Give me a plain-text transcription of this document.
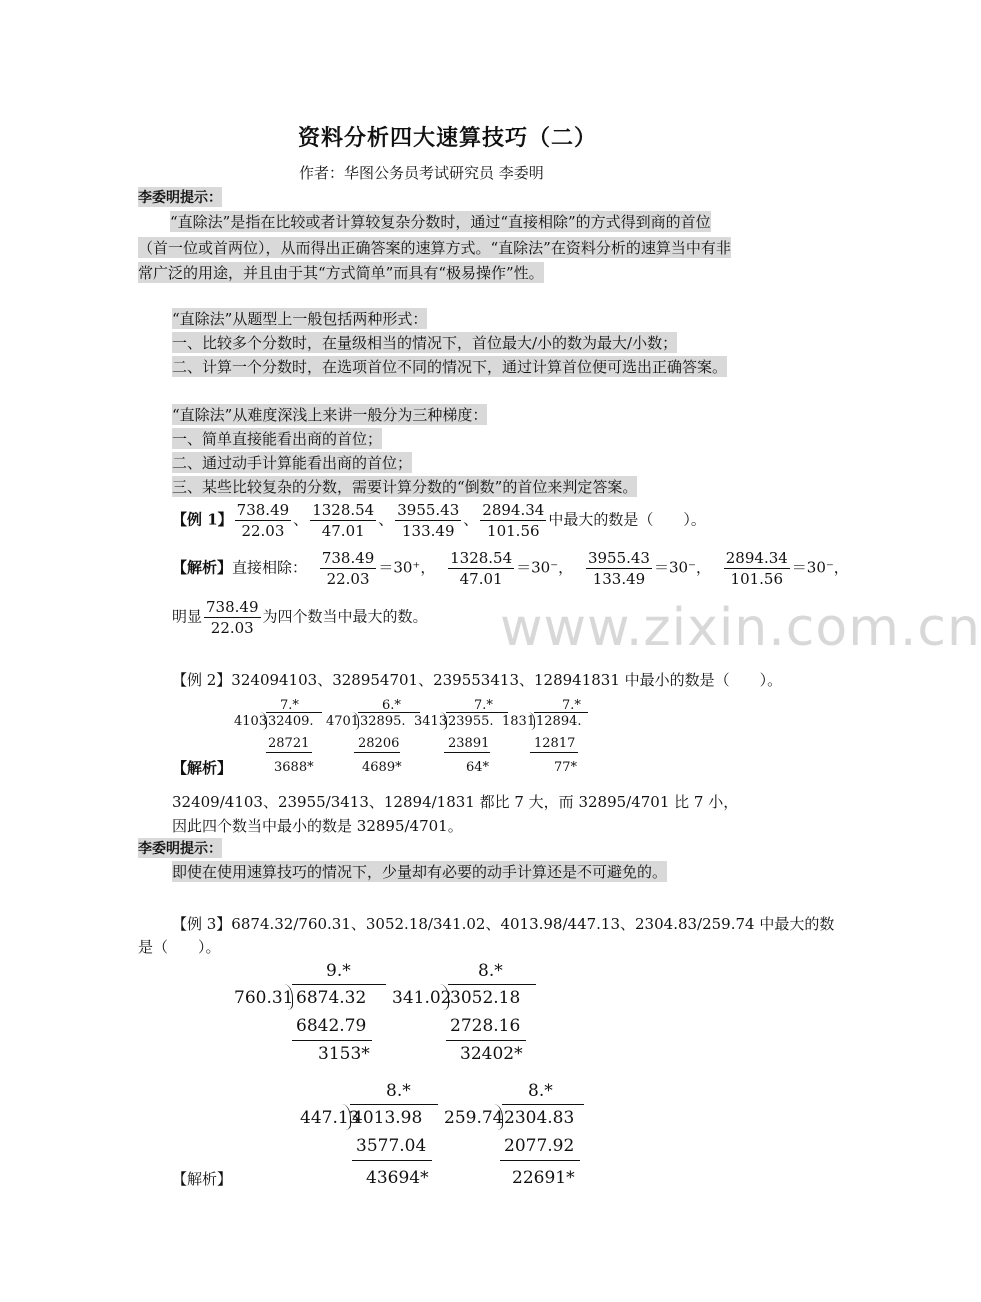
资料分析四大速算技巧（二）
作者：华图公务员考试研究员 李委明
李委明提示：
“直除法”是指在比较或者计算较复杂分数时，通过“直接相除”的方式得到商的首位
（首一位或首两位），从而得出正确答案的速算方式。“直除法”在资料分析的速算当中有非
常广泛的用途，并且由于其“方式简单”而具有“极易操作”性。
“直除法”从题型上一般包括两种形式：
一、比较多个分数时，在量级相当的情况下，首位最大/小的数为最大/小数；
二、计算一个分数时，在选项首位不同的情况下，通过计算首位便可选出正确答案。
“直除法”从难度深浅上来讲一般分为三种梯度：
一、简单直接能看出商的首位；
二、通过动手计算能看出商的首位；
三、某些比较复杂的分数，需要计算分数的“倒数”的首位来判定答案。
【例 1】 $\frac{738.49}{22.03}$ 、 $\frac{1328.54}{47.01}$ 、 $\frac{3955.43}{133.49}$ 、 $\frac{2894.34}{101.56}$ 中最大的数是（　　）。
【解析】直接相除： $\frac{738.49}{22.03} =30^+$， $\frac{1328.54}{47.01} =30^-$， $\frac{3955.43}{133.49} =30^-$， $\frac{2894.34}{101.56} =30^-$，
明显 $\frac{738.49}{22.03}$ 为四个数当中最大的数。 www.zixin.com.cn
【例 2】324094103、328954701、239553413、128941831 中最小的数是（　　）。
7.*
4103 32409.
28721
3688*
6.*
4701 32895.
28206
4689*
7.*
3413 23955.
23891
64*
7.*
1831 12894.
12817
77*
【解析】
32409/4103、23955/3413、12894/1831 都比 7 大，而 32895/4701 比 7 小，
因此四个数当中最小的数是 32895/4701。
李委明提示：
即使在使用速算技巧的情况下，少量却有必要的动手计算还是不可避免的。
【例 3】6874.32/760.31、3052.18/341.02、4013.98/447.13、2304.83/259.74 中最大的数
是（　　）。
9.*
760.31 6874.32
6842.79
3153*
8.*
341.02
3052.18
2728.16
32402*
8.*
447.13
4013.98
3577.04
43694*
8.*
259.74 2304.83
2077.92
22691*
【解析】
